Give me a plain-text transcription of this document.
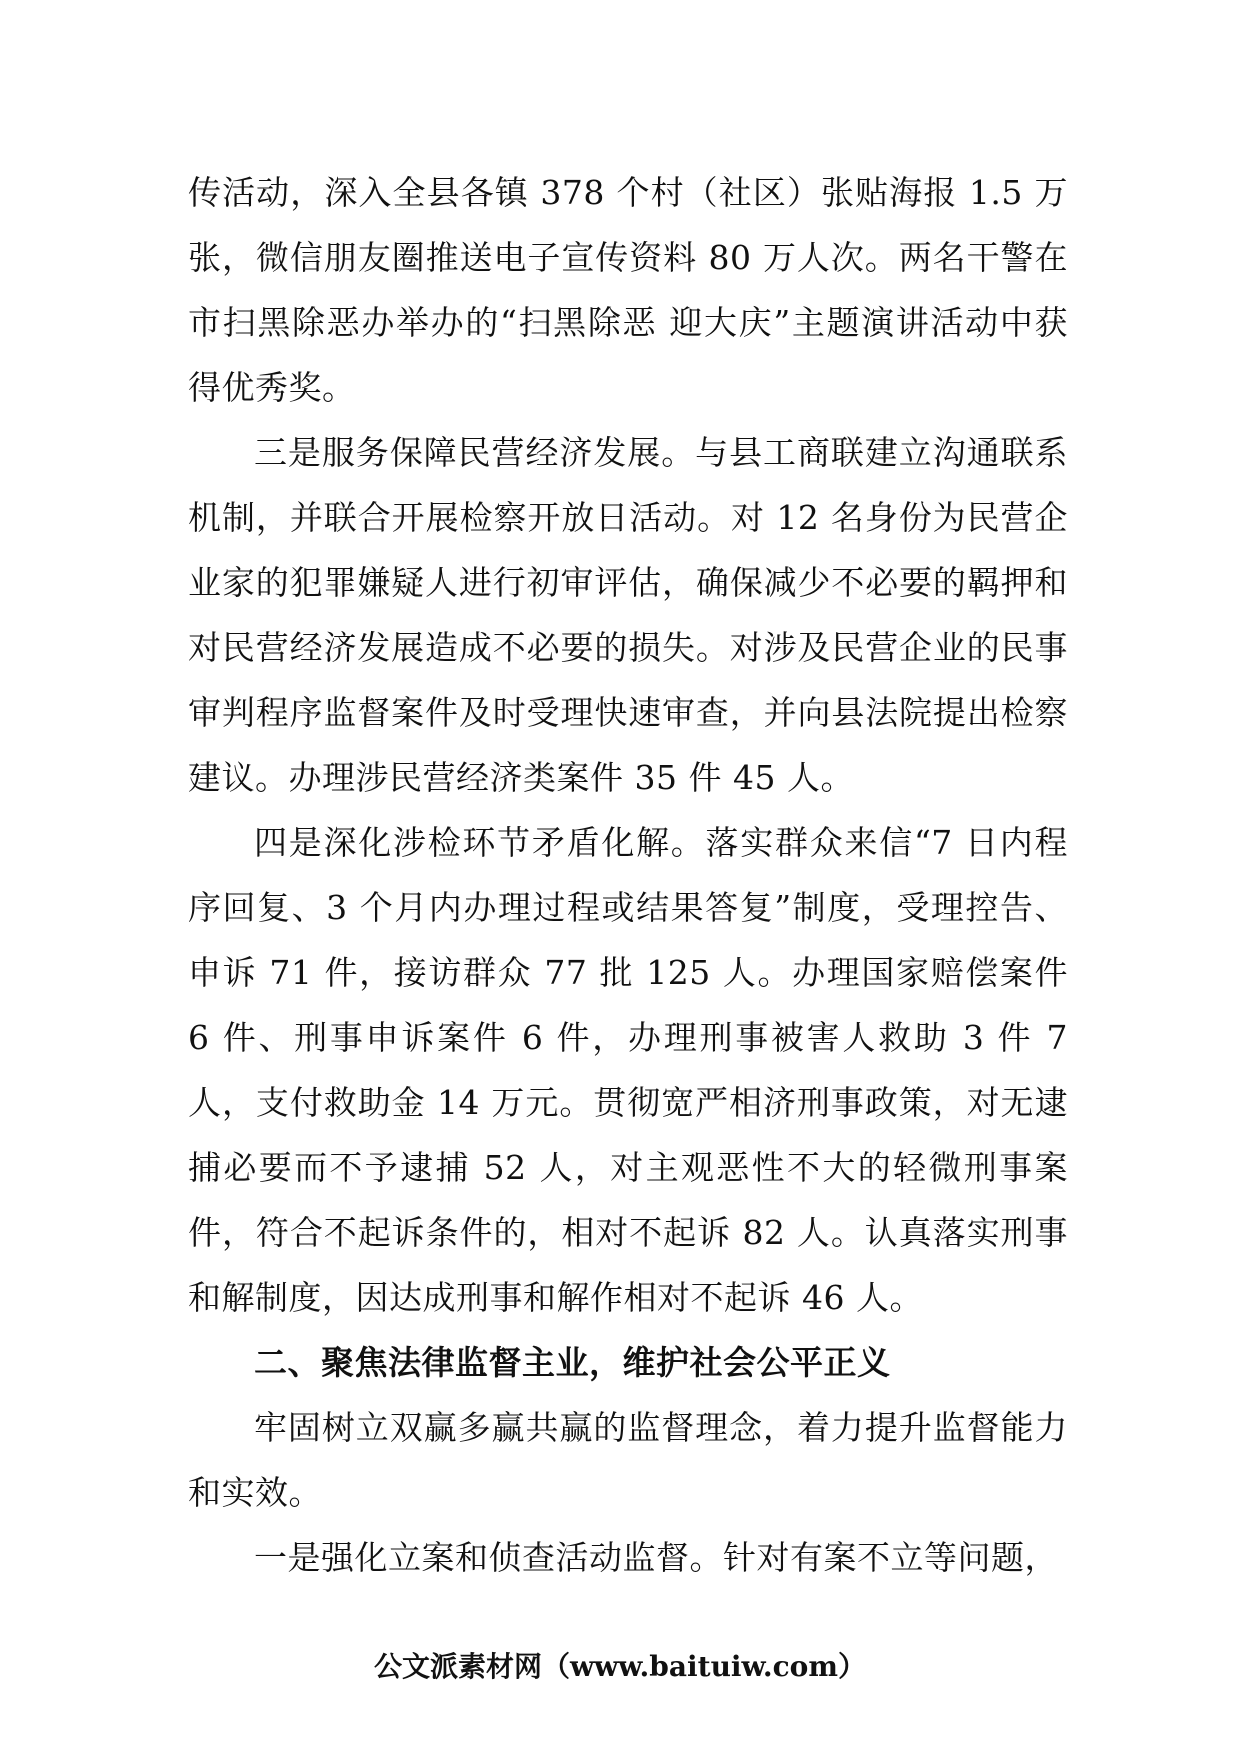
传活动，深入全县各镇 378 个村（社区）张贴海报 1.5 万张，微信朋友圈推送电子宣传资料 80 万人次。两名干警在市扫黑除恶办举办的“扫黑除恶 迎大庆”主题演讲活动中获得优秀奖。

三是服务保障民营经济发展。与县工商联建立沟通联系机制，并联合开展检察开放日活动。对 12 名身份为民营企业家的犯罪嫌疑人进行初审评估，确保减少不必要的羁押和对民营经济发展造成不必要的损失。对涉及民营企业的民事审判程序监督案件及时受理快速审查，并向县法院提出检察建议。办理涉民营经济类案件 35 件 45 人。

四是深化涉检环节矛盾化解。落实群众来信“7 日内程序回复、3 个月内办理过程或结果答复”制度，受理控告、申诉 71 件，接访群众 77 批 125 人。办理国家赔偿案件 6 件、刑事申诉案件 6 件，办理刑事被害人救助 3 件 7 人，支付救助金 14 万元。贯彻宽严相济刑事政策，对无逮捕必要而不予逮捕 52 人，对主观恶性不大的轻微刑事案件，符合不起诉条件的，相对不起诉 82 人。认真落实刑事和解制度，因达成刑事和解作相对不起诉 46 人。

二、聚焦法律监督主业，维护社会公平正义

牢固树立双赢多赢共赢的监督理念，着力提升监督能力和实效。

一是强化立案和侦查活动监督。针对有案不立等问题，

公文派素材网（www.baituiw.com）
